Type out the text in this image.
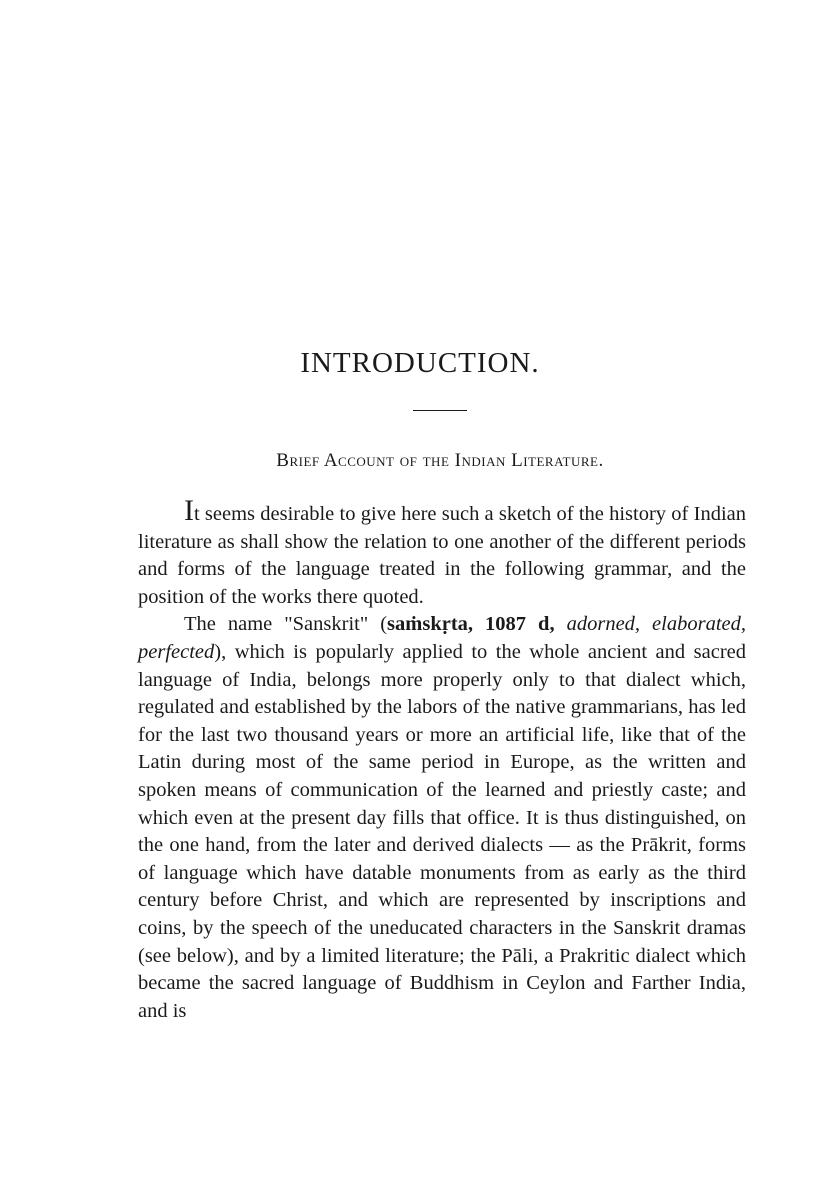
INTRODUCTION.
Brief Account of the Indian Literature.

It seems desirable to give here such a sketch of the history of Indian literature as shall show the relation to one another of the different periods and forms of the language treated in the following grammar, and the position of the works there quoted.

The name "Sanskrit" (saṁskṛta, 1087 d, adorned, elaborated, perfected), which is popularly applied to the whole ancient and sacred language of India, belongs more properly only to that dialect which, regulated and established by the labors of the native grammarians, has led for the last two thousand years or more an artificial life, like that of the Latin during most of the same period in Europe, as the written and spoken means of communication of the learned and priestly caste; and which even at the present day fills that office. It is thus distinguished, on the one hand, from the later and derived dialects — as the Prākrit, forms of language which have datable monuments from as early as the third century before Christ, and which are represented by inscriptions and coins, by the speech of the uneducated characters in the Sanskrit dramas (see below), and by a limited literature; the Pāli, a Prakritic dialect which became the sacred language of Buddhism in Ceylon and Farther India, and is
